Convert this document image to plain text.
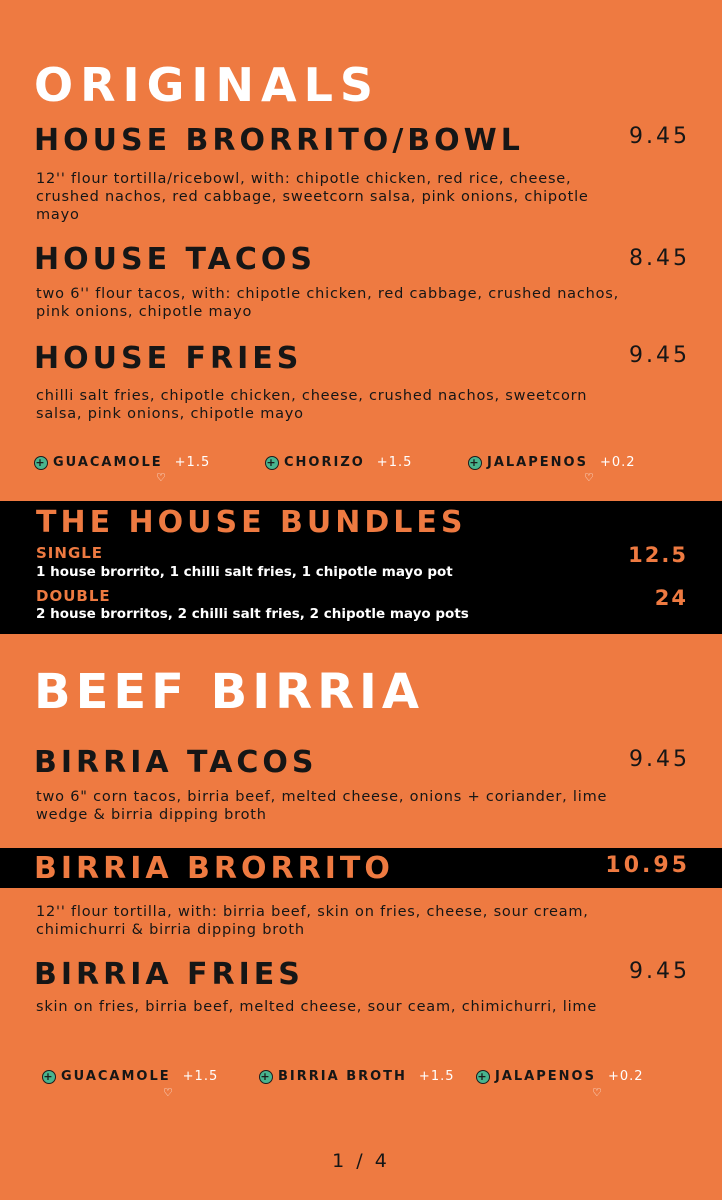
ORIGINALS
HOUSE BRORRITO/BOWL	9.45
12'' flour tortilla/ricebowl, with: chipotle chicken, red rice, cheese, crushed nachos, red cabbage, sweetcorn salsa, pink onions, chipotle mayo
HOUSE TACOS	8.45
two 6'' flour tacos, with: chipotle chicken, red cabbage, crushed nachos, pink onions, chipotle mayo
HOUSE FRIES	9.45
chilli salt fries, chipotle chicken, cheese, crushed nachos, sweetcorn salsa, pink onions, chipotle mayo
+ GUACAMOLE +1.5
♡
+ CHORIZO +1.5	+ JALAPENOS +0.2
♡
THE HOUSE BUNDLES
SINGLE	12.5
1 house brorrito, 1 chilli salt fries, 1 chipotle mayo pot
DOUBLE	24
2 house brorritos, 2 chilli salt fries, 2 chipotle mayo pots
BEEF BIRRIA
BIRRIA TACOS	9.45
two 6" corn tacos, birria beef, melted cheese, onions + coriander, lime wedge & birria dipping broth
BIRRIA BRORRITO	10.95
12'' flour tortilla, with: birria beef, skin on fries, cheese, sour cream, chimichurri & birria dipping broth
BIRRIA FRIES	9.45
skin on fries, birria beef, melted cheese, sour ceam, chimichurri, lime
+ GUACAMOLE +1.5
♡
+ BIRRIA BROTH +1.5 + JALAPENOS +0.2
♡
1 / 4
